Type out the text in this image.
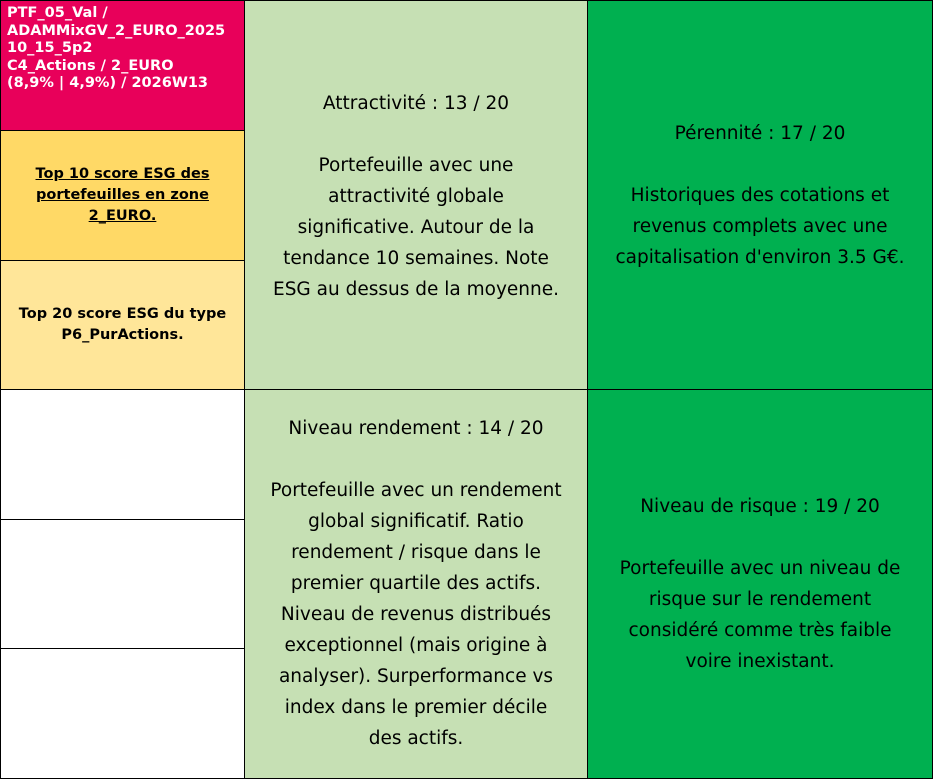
PTF_05_Val /
ADAMMixGV_2_EURO_2025
10_15_5p2
C4_Actions / 2_EURO
(8,9% | 4,9%) / 2026W13
Top 10 score ESG des
portefeuilles en zone
2_EURO.
Top 20 score ESG du type
P6_PurActions.
Attractivité : 13 / 20
Portefeuille avec une
attractivité globale
significative. Autour de la
tendance 10 semaines. Note
ESG au dessus de la moyenne.
Pérennité : 17 / 20
Historiques des cotations et
revenus complets avec une
capitalisation d'environ 3.5 G€.
Niveau rendement : 14 / 20
Portefeuille avec un rendement
global significatif. Ratio
rendement / risque dans le
premier quartile des actifs.
Niveau de revenus distribués
exceptionnel (mais origine à
analyser). Surperformance vs
index dans le premier décile
des actifs.
Niveau de risque : 19 / 20
Portefeuille avec un niveau de
risque sur le rendement
considéré comme très faible
voire inexistant.
